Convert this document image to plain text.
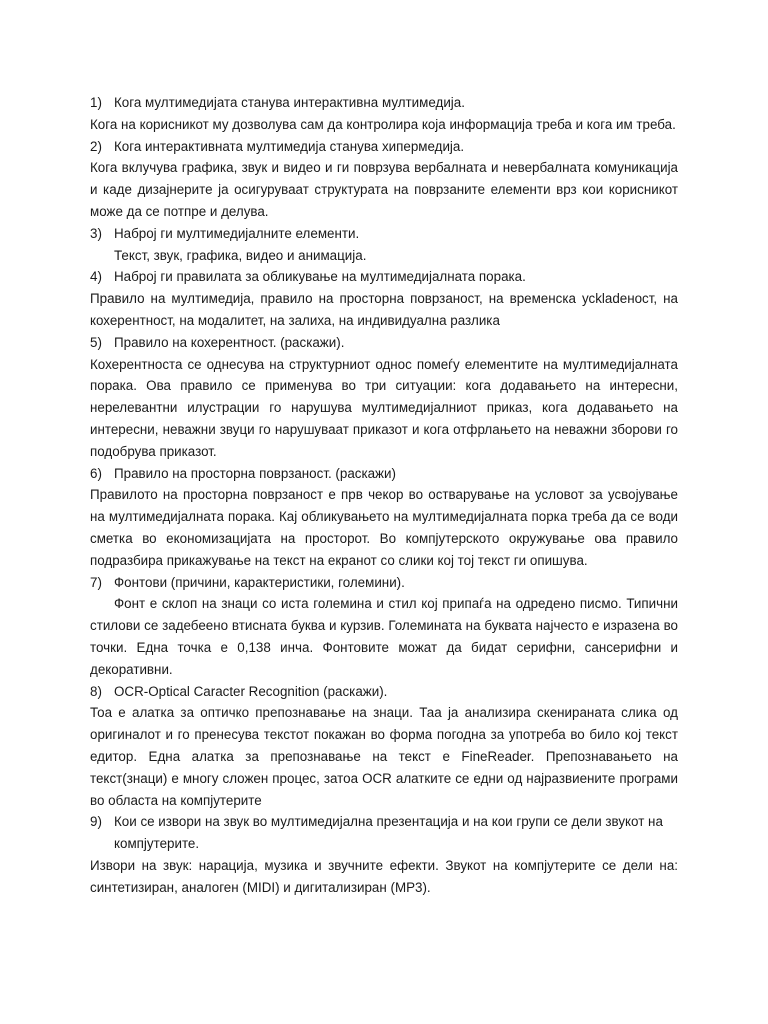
1) Кога мултимедијата станува интерактивна мултимедија.
Кога на корисникот му дозволува сам да контролира која информација треба и кога им треба.
2) Кога интерактивната мултимедија станува хипермедија.
Кога вклучува графика, звук и видео и ги поврзува вербалната и невербалната комуникација и каде дизајнерите ја осигуруваат структурата на поврзаните елементи врз кои корисникот може да се потпре и делува.
3) Наброј ги мултимедијалните елементи.
Текст, звук, графика, видео и анимација.
4) Наброј ги правилата за обликување на мултимедијалната порака.
Правило на мултимедија, правило на просторна поврзаност, на временска усkladеност, на кохерентност, на модалитет, на залиха, на индивидуална разлика
5) Правило на кохерентност. (раскажи).
Кохерентноста се однесува на структурниот однос помеѓу елементите на мултимедијалната порака. Ова правило се применува во три ситуации: кога додавањето на интересни, нерелевантни илустрации го нарушува мултимедијалниот приказ, кога додавањето на интересни, неважни звуци го нарушуваат приказот и кога отфрлањето на неважни зборови го подобрува приказот.
6) Правило на просторна поврзаност. (раскажи)
Правилото на просторна поврзаност е прв чекор во остварување на условот за усвојување на мултимедијалната порака. Кај обликувањето на мултимедијалната порка треба да се води сметка во економизацијата на просторот. Во компјутерското окружување ова правило подразбира прикажување на текст на екранот со слики кој тој текст ги опишува.
7) Фонтови (причини, карактеристики, големини).
Фонт е склоп на знаци со иста големина и стил кој припаѓа на одредено писмо. Типични стилови се задебеено втисната буква и курзив. Големината на буквата најчесто е изразена во точки. Една точка е 0,138 инча. Фонтовите можат да бидат серифни, сансерифни и декоративни.
8) OCR-Optical Caracter Recognition (раскажи).
Тоа е алатка за оптичко препознавање на знаци. Таа ја анализира скенираната слика од оригиналот и го пренесува текстот покажан во форма погодна за употреба во било кој текст едитор. Една алатка за препознавање на текст е FineReader. Препознавањето на текст(знаци) е многу сложен процес, затоа OCR алатките се едни од најразвиените програми во областа на компјутерите
9) Кои се извори на звук во мултимедијална презентација и на кои групи се дели звукот на компјутерите.
Извори на звук: нарација, музика и звучните ефекти. Звукот на компјутерите се дели на: синтетизиран, аналоген (MIDI) и дигитализиран (MP3).
